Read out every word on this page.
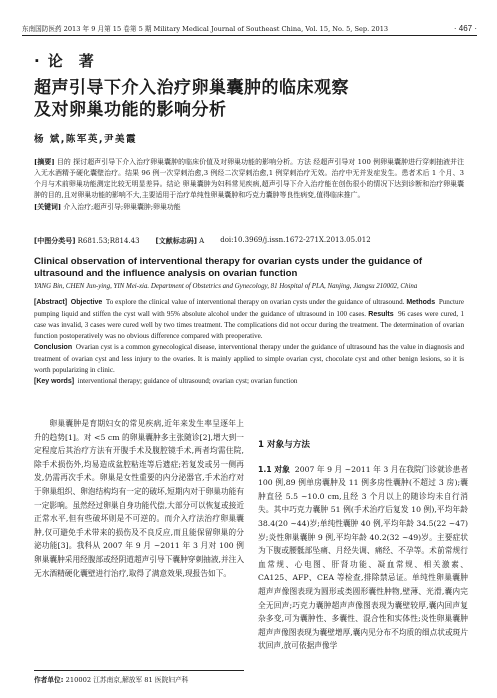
东南国防医药 2013 年 9 月第 15 卷第 5 期 Military Medical Journal of Southeast China, Vol. 15, No. 5, Sep. 2013	· 467 ·
· 论 著
超声引导下介入治疗卵巢囊肿的临床观察
及对卵巢功能的影响分析
杨 斌,陈军英,尹美霞

[摘要] 目的 探讨超声引导下介入治疗卵巢囊肿的临床价值及对卵巢功能的影响分析。方法 经超声引导对 100 例卵巢囊肿进行穿刺抽液并注入无水酒精予硬化囊壁治疗。结果 96 例一次穿刺治愈,3 例经二次穿刺治愈,1 例穿刺治疗无效。治疗中无并发症发生。患者术后 1 个月、3 个月与术前卵巢功能测定比较无明显差异。结论 卵巢囊肿为妇科常见疾病,超声引导下介入治疗能在创伤很小的情况下达到诊断和治疗卵巢囊肿的目的,且对卵巢功能的影响不大,主要适用于治疗单纯性卵巢囊肿和巧克力囊肿等良性病变,值得临床推广。

[关键词] 介入治疗;超声引导;卵巢囊肿;卵巢功能

[中图分类号] R681.53;R814.43 [文献标志码] A doi:10.3969/j.issn.1672-271X.2013.05.012
Clinical observation of interventional therapy for ovarian cysts under the guidance of ultrasound and the influence analysis on ovarian function
YANG Bin, CHEN Jun-ying, YIN Mei-xia. Department of Obstetrics and Gynecology, 81 Hospital of PLA, Nanjing, Jiangsu 210002, China
[Abstract] Objective To explore the clinical value of interventional therapy on ovarian cysts under the guidance of ultrasound. Methods Puncture pumping liquid and stiffen the cyst wall with 95% absolute alcohol under the guidance of ultrasound in 100 cases. Results 96 cases were cured, 1 case was invalid, 3 cases were cured well by two times treatment. The complications did not occur during the treatment. The determination of ovarian function postoperatively was no obvious difference compared with preoperative.
Conclusion Ovarian cyst is a common gynecological disease, interventional therapy under the guidance of ultrasound has the value in diagnosis and treatment of ovarian cyst and less injury to the ovaries. It is mainly applied to simple ovarian cyst, chocolate cyst and other benign lesions, so it is worth popularizing in clinic.
[Key words] interventional therapy; guidance of ultrasound; ovarian cyst; ovarian function

卵巢囊肿是育期妇女的常见疾病,近年来发生率呈逐年上升的趋势[1]。对 <5 cm 的卵巢囊肿多主张随诊[2],增大到一定程度后其治疗方法有开腹手术及腹腔镜手术,两者均需住院,除手术损伤外,均易造成盆腔粘连等后遗症;若复发或另一侧再发,仍需再次手术。卵巢是女性重要的内分泌器官,手术治疗对于卵巢组织、卵泡结构均有一定的破坏,短期内对于卵巢功能有一定影响。虽然经过卵巢自身功能代偿,大部分可以恢复或接近正常水平,但有些破坏则是不可逆的。而介入疗法治疗卵巢囊肿,仅可避免手术带来的损伤及不良反应,而且能保留卵巢的分泌功能[3]。我科从 2007 年 9 月 ~2011 年 3 月对 100 例卵巢囊肿采用经腹部或经阴道超声引导下囊肿穿刺抽液,并注入无水酒精硬化囊壁进行治疗,取得了满意效果,现报告如下。

1 对象与方法

1.1 对象 2007 年 9 月 ~2011 年 3 月在我院门诊就诊患者 100 例,89 例单房囊肿及 11 例多房性囊肿(不超过 3 房);囊肿直径 5.5 ~10.0 cm,且经 3 个月以上的随诊均未自行消失。其中巧克力囊肿 51 例(手术治疗后复发 10 例),平均年龄 38.4(20 ~44)岁;单纯性囊肿 40 例,平均年龄 34.5(22 ~47)岁;炎性卵巢囊肿 9 例,平均年龄 40.2(32 ~49)岁。主要症状为下腹或腰骶部坠痛、月经失调、痛经、不孕等。术前常规行血常规、心电图、肝肾功能、凝血常规、相关激素、CA125、AFP、CEA 等检查,排除禁忌证。单纯性卵巢囊肿超声声像图表现为圆形或类圆形囊性肿物,壁薄、光滑,囊内完全无回声;巧克力囊肿超声声像图表现为囊壁较厚,囊内回声复杂多变,可为囊肿性、多囊性、混合性和实体性;炎性卵巢囊肿超声声像图表现为囊壁增厚,囊内见分布不均质的细点状或斑片状回声,放可依据声像学

作者单位: 210002 江苏南京,解放军 81 医院妇产科
